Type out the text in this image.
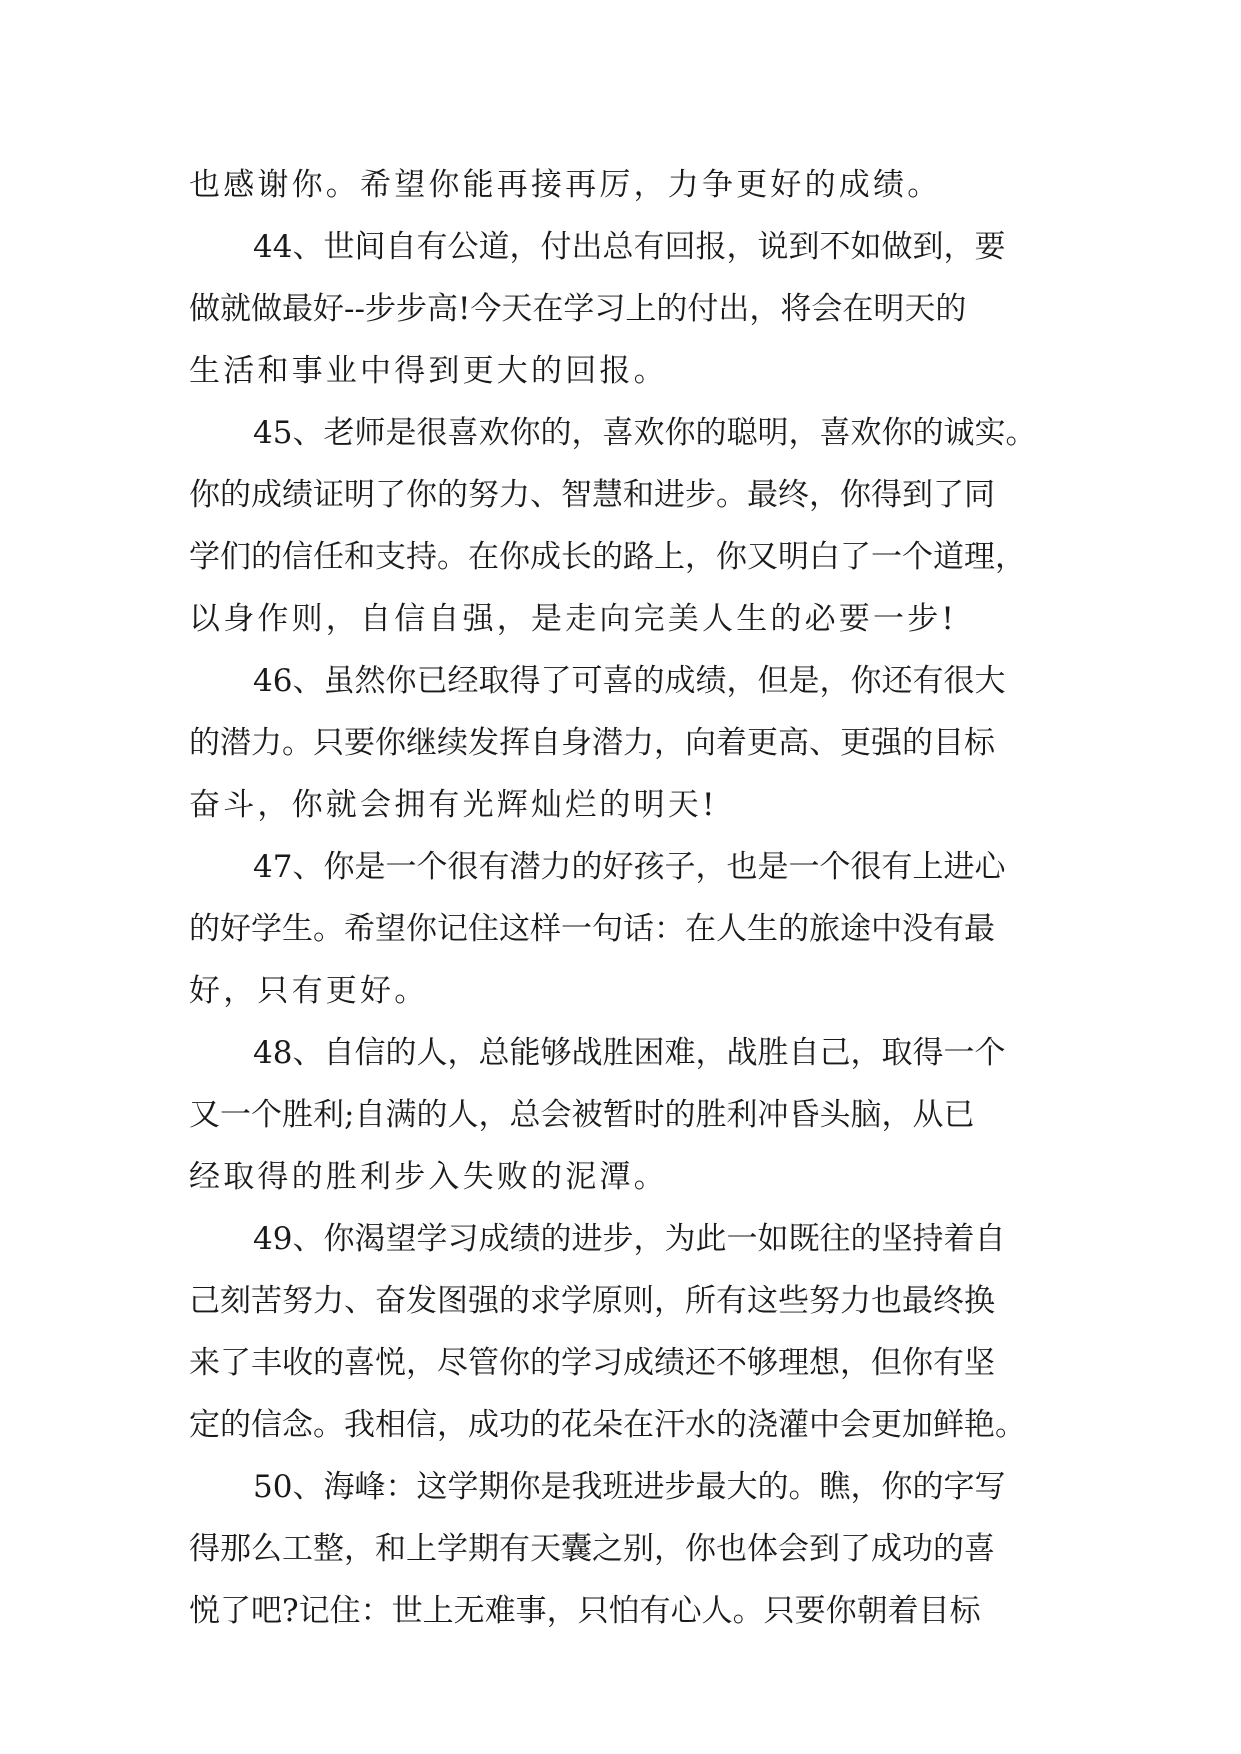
也感谢你。希望你能再接再厉，力争更好的成绩。
44、世间自有公道，付出总有回报，说到不如做到，要
做就做最好--步步高!今天在学习上的付出，将会在明天的
生活和事业中得到更大的回报。
45、老师是很喜欢你的，喜欢你的聪明，喜欢你的诚实。
你的成绩证明了你的努力、智慧和进步。最终，你得到了同
学们的信任和支持。在你成长的路上，你又明白了一个道理，
以身作则，自信自强，是走向完美人生的必要一步!
46、虽然你已经取得了可喜的成绩，但是，你还有很大
的潜力。只要你继续发挥自身潜力，向着更高、更强的目标
奋斗，你就会拥有光辉灿烂的明天!
47、你是一个很有潜力的好孩子，也是一个很有上进心
的好学生。希望你记住这样一句话：在人生的旅途中没有最
好，只有更好。
48、自信的人，总能够战胜困难，战胜自己，取得一个
又一个胜利;自满的人，总会被暂时的胜利冲昏头脑，从已
经取得的胜利步入失败的泥潭。
49、你渴望学习成绩的进步，为此一如既往的坚持着自
己刻苦努力、奋发图强的求学原则，所有这些努力也最终换
来了丰收的喜悦，尽管你的学习成绩还不够理想，但你有坚
定的信念。我相信，成功的花朵在汗水的浇灌中会更加鲜艳。
50、海峰：这学期你是我班进步最大的。瞧，你的字写
得那么工整，和上学期有天囊之别，你也体会到了成功的喜
悦了吧?记住：世上无难事，只怕有心人。只要你朝着目标
